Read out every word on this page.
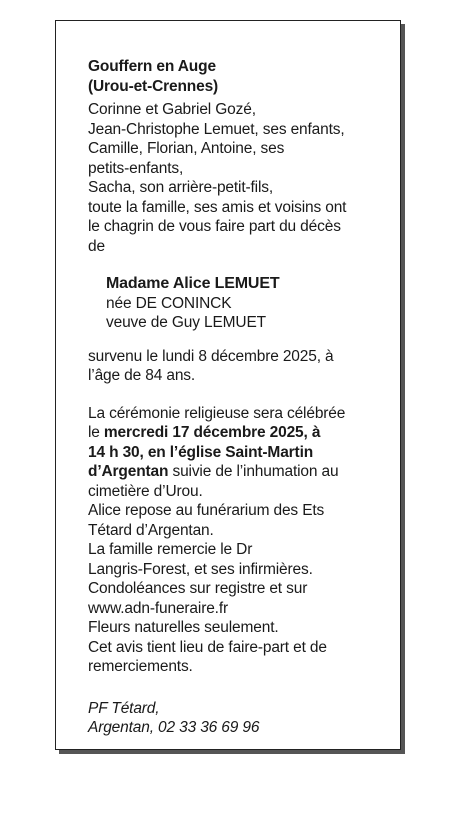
Gouffern en Auge
(Urou-et-Crennes)
Corinne et Gabriel Gozé,
Jean-Christophe Lemuet, ses enfants,
Camille, Florian, Antoine, ses
petits-enfants,
Sacha, son arrière-petit-fils,
toute la famille, ses amis et voisins ont
le chagrin de vous faire part du décès
de
Madame Alice LEMUET
née DE CONINCK
veuve de Guy LEMUET
survenu le lundi 8 décembre 2025, à
l’âge de 84 ans.
La cérémonie religieuse sera célébrée
le mercredi 17 décembre 2025, à
14 h 30, en l’église Saint-Martin
d’Argentan suivie de l’inhumation au
cimetière d’Urou.
Alice repose au funérarium des Ets
Tétard d’Argentan.
La famille remercie le Dr
Langris-Forest, et ses infirmières.
Condoléances sur registre et sur
www.adn-funeraire.fr
Fleurs naturelles seulement.
Cet avis tient lieu de faire-part et de
remerciements.
PF Tétard,
Argentan, 02 33 36 69 96
